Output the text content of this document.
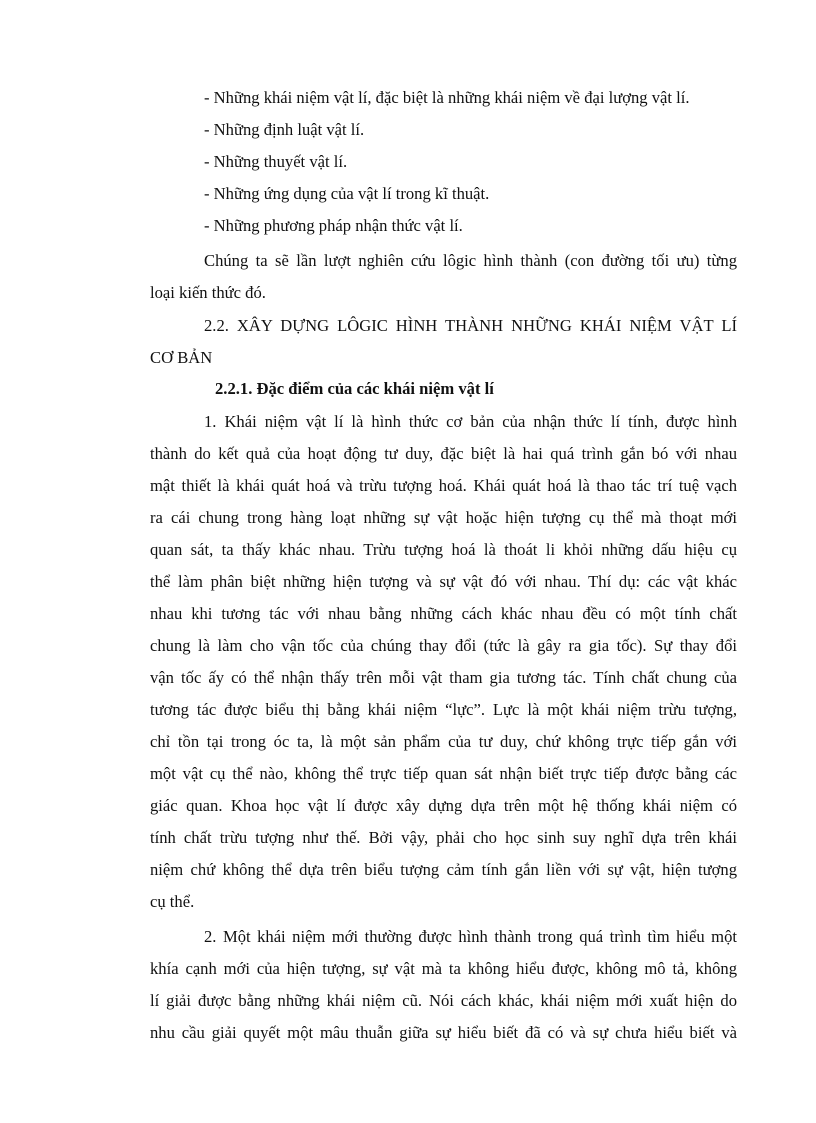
- Những khái niệm vật lí, đặc biệt là những khái niệm về đại lượng vật lí.

- Những định luật vật lí.

- Những thuyết vật lí.

- Những ứng dụng của vật lí trong kĩ thuật.

- Những phương pháp nhận thức vật lí.

Chúng ta sẽ lần lượt nghiên cứu lôgic hình thành (con đường tối ưu) từng

loại kiến thức đó.

2.2. XÂY DỰNG LÔGIC HÌNH THÀNH NHỮNG KHÁI NIỆM VẬT LÍ

CƠ BẢN

2.2.1. Đặc điểm của các khái niệm vật lí

1. Khái niệm vật lí là hình thức cơ bản của nhận thức lí tính, được hình

thành do kết quả của hoạt động tư duy, đặc biệt là hai quá trình gắn bó với nhau

mật thiết là khái quát hoá và trừu tượng hoá. Khái quát hoá là thao tác trí tuệ vạch

ra cái chung trong hàng loạt những sự vật hoặc hiện tượng cụ thể mà thoạt mới

quan sát, ta thấy khác nhau. Trừu tượng hoá là thoát li khỏi những dấu hiệu cụ

thể làm phân biệt những hiện tượng và sự vật đó với nhau. Thí dụ: các vật khác

nhau khi tương tác với nhau bằng những cách khác nhau đều có một tính chất

chung là làm cho vận tốc của chúng thay đổi (tức là gây ra gia tốc). Sự thay đổi

vận tốc ấy có thể nhận thấy trên mỗi vật tham gia tương tác. Tính chất chung của

tương tác được biểu thị bằng khái niệm “lực”. Lực là một khái niệm trừu tượng,

chỉ tồn tại trong óc ta, là một sản phẩm của tư duy, chứ không trực tiếp gắn với

một vật cụ thể nào, không thể trực tiếp quan sát nhận biết trực tiếp được bằng các

giác quan. Khoa học vật lí được xây dựng dựa trên một hệ thống khái niệm có

tính chất trừu tượng như thế. Bởi vậy, phải cho học sinh suy nghĩ dựa trên khái

niệm chứ không thể dựa trên biểu tượng cảm tính gắn liền với sự vật, hiện tượng

cụ thể.

2. Một khái niệm mới thường được hình thành trong quá trình tìm hiểu một

khía cạnh mới của hiện tượng, sự vật mà ta không hiểu được, không mô tả, không

lí giải được bằng những khái niệm cũ. Nói cách khác, khái niệm mới xuất hiện do

nhu cầu giải quyết một mâu thuẫn giữa sự hiểu biết đã có và sự chưa hiểu biết và
